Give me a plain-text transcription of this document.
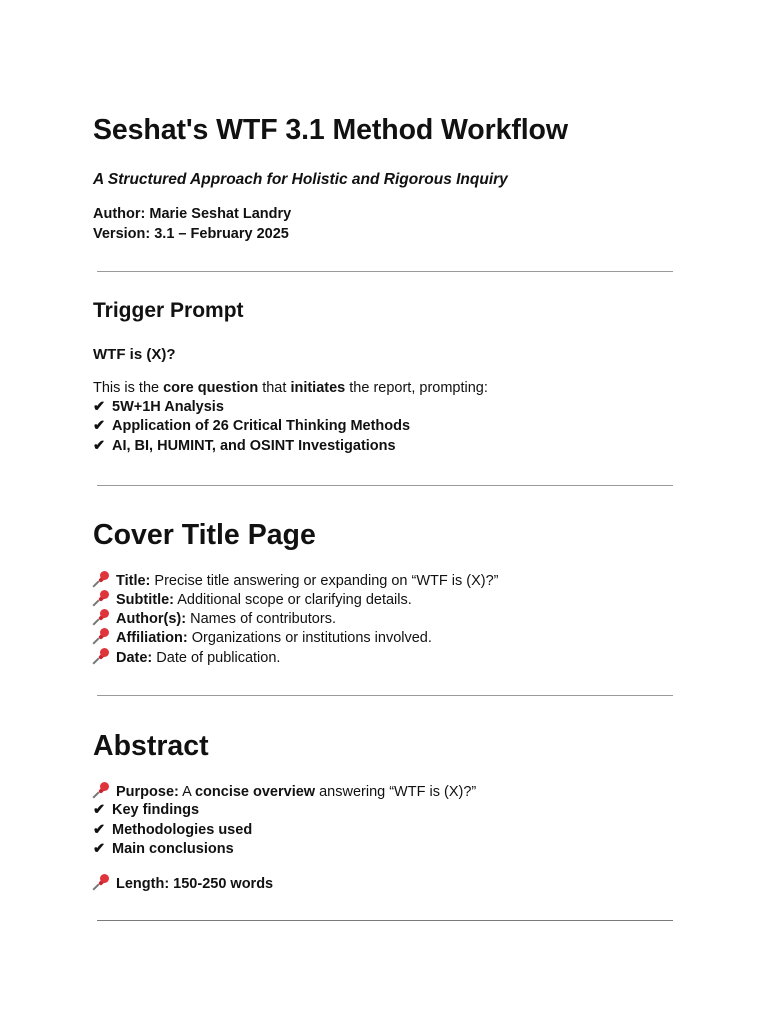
Seshat's WTF 3.1 Method Workflow

A Structured Approach for Holistic and Rigorous Inquiry

Author: Marie Seshat Landry

Version: 3.1 – February 2025

Trigger Prompt
WTF is (X)?

This is the core question that initiates the report, prompting:

✔ 5W+1H Analysis

✔ Application of 26 Critical Thinking Methods

✔ AI, BI, HUMINT, and OSINT Investigations

Cover Title Page

Title: Precise title answering or expanding on “WTF is (X)?”

Subtitle: Additional scope or clarifying details.

Author(s): Names of contributors.

Affiliation: Organizations or institutions involved.

Date: Date of publication.

Abstract

Purpose: A concise overview answering “WTF is (X)?”

✔ Key findings

✔ Methodologies used

✔ Main conclusions

Length: 150-250 words
